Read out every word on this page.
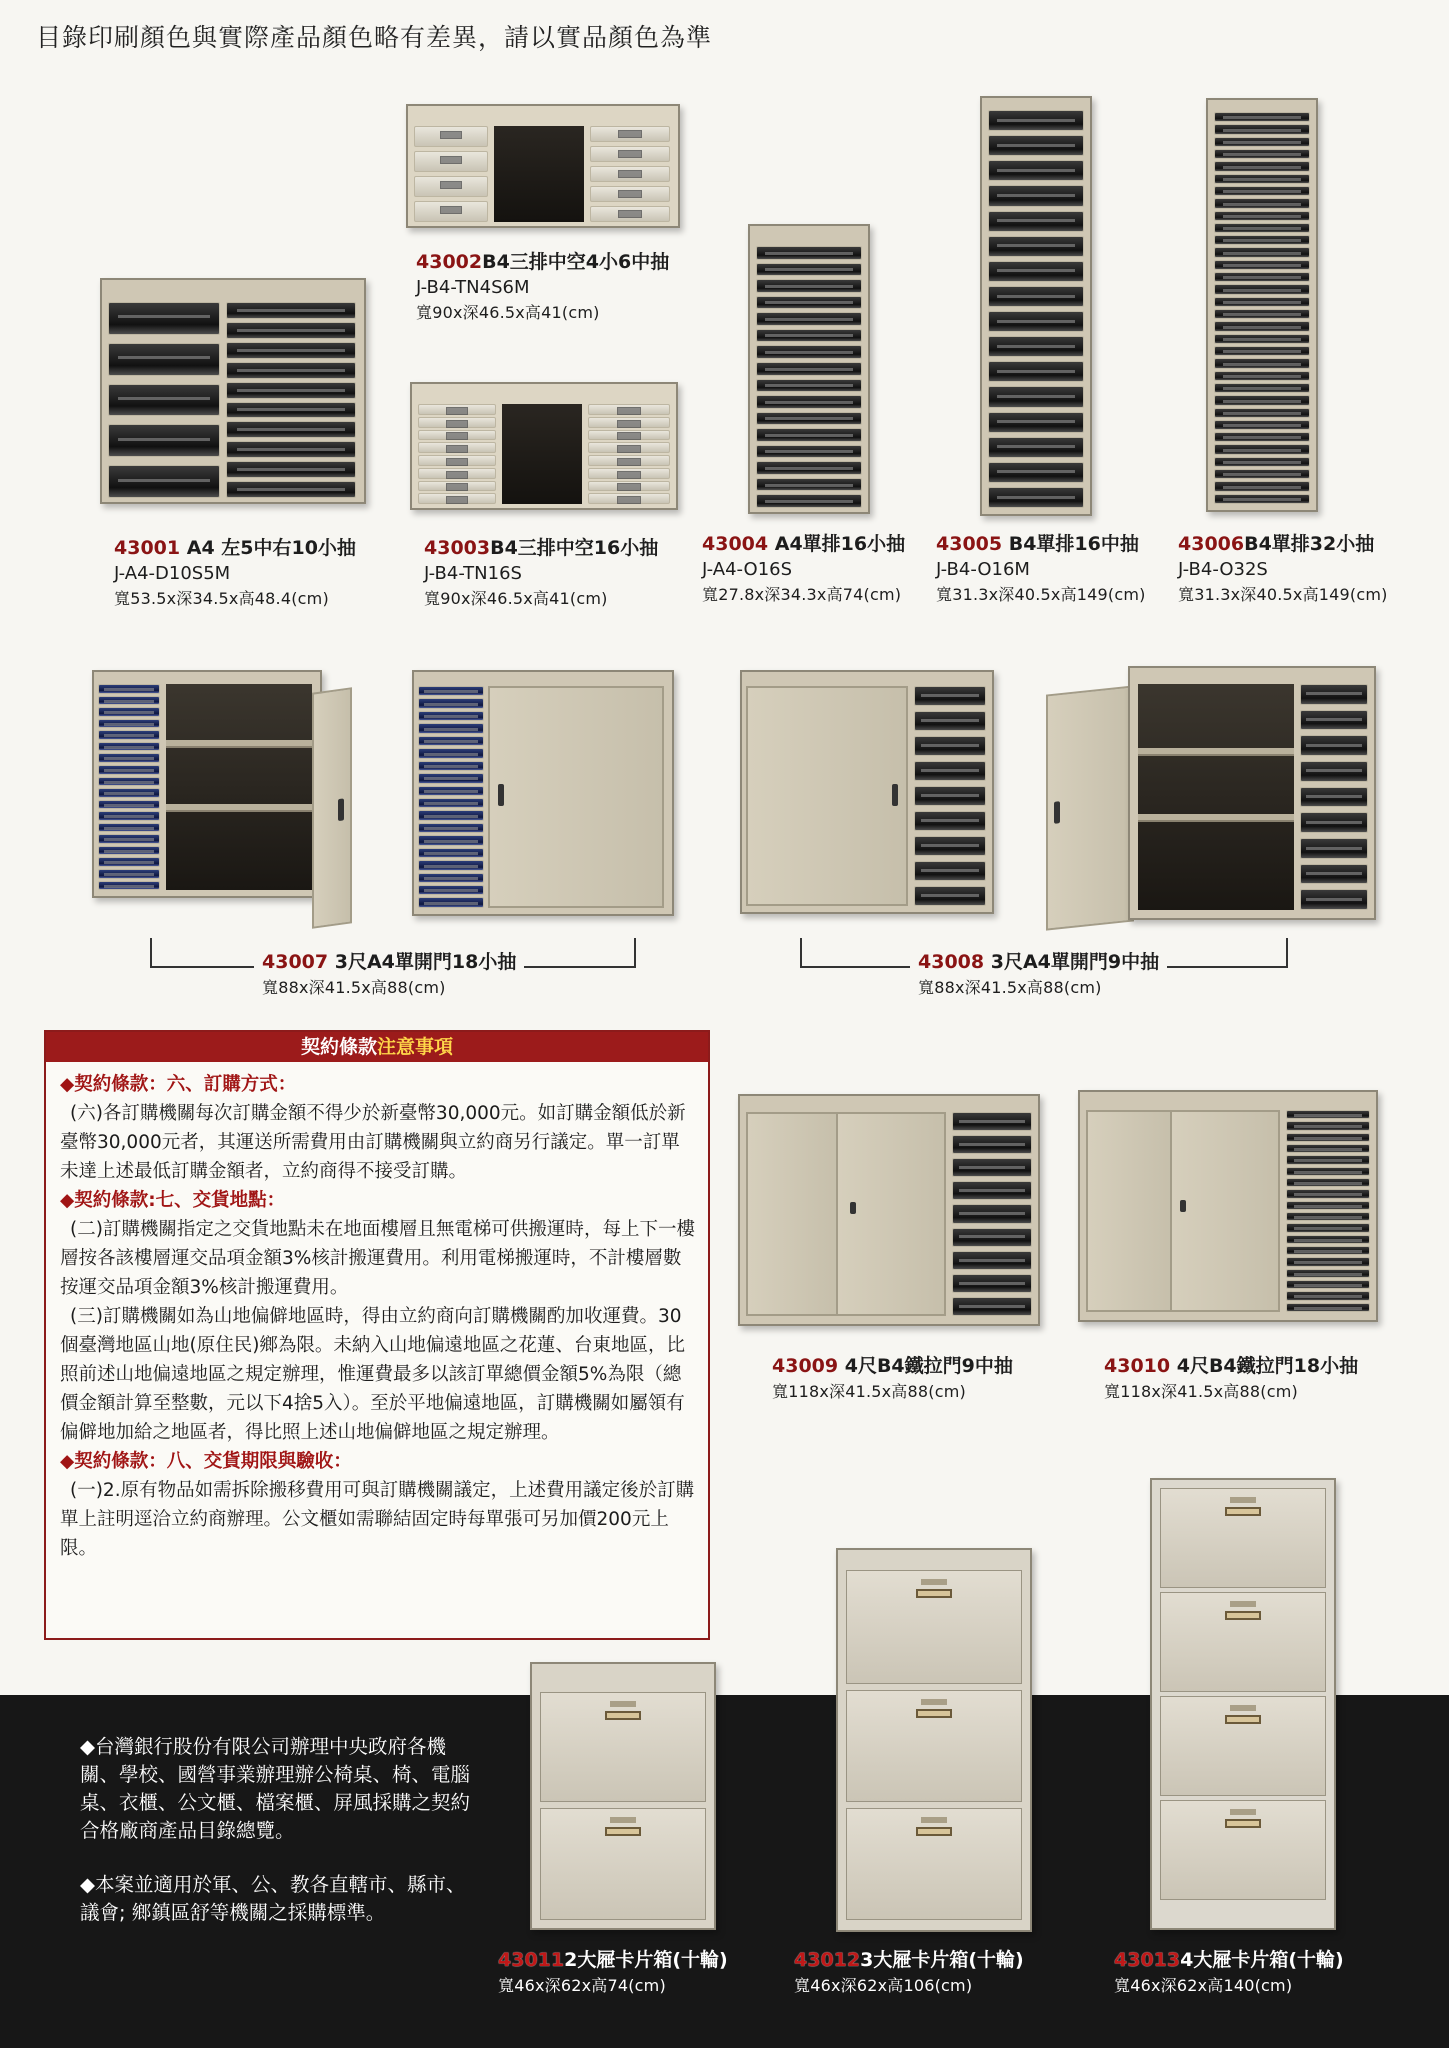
目錄印刷顏色與實際產品顏色略有差異，請以實品顏色為準
43002B4三排中空4小6中抽
J-B4-TN4S6M
寬90x深46.5x高41(cm)
43001 A4 左5中右10小抽
J-A4-D10S5M
寬53.5x深34.5x高48.4(cm)
43003B4三排中空16小抽
J-B4-TN16S
寬90x深46.5x高41(cm)
43004 A4單排16小抽
J-A4-O16S
寬27.8x深34.3x高74(cm)
43005 B4單排16中抽
J-B4-O16M
寬31.3x深40.5x高149(cm)
43006B4單排32小抽
J-B4-O32S
寬31.3x深40.5x高149(cm)
43007 3尺A4單開門18小抽
寬88x深41.5x高88(cm)
43008 3尺A4單開門9中抽
寬88x深41.5x高88(cm)
契約條款注意事項
◆契約條款：六、訂購方式：
(六)各訂購機關每次訂購金額不得少於新臺幣30,000元。如訂購金額低於新臺幣30,000元者，其運送所需費用由訂購機關與立約商另行議定。單一訂單未達上述最低訂購金額者，立約商得不接受訂購。
◆契約條款:七、交貨地點：
(二)訂購機關指定之交貨地點未在地面樓層且無電梯可供搬運時，每上下一樓層按各該樓層運交品項金額3%核計搬運費用。利用電梯搬運時，不計樓層數按運交品項金額3%核計搬運費用。
(三)訂購機關如為山地偏僻地區時，得由立約商向訂購機關酌加收運費。30個臺灣地區山地(原住民)鄉為限。未納入山地偏遠地區之花蓮、台東地區，比照前述山地偏遠地區之規定辦理，惟運費最多以該訂單總價金額5%為限（總價金額計算至整數，元以下4捨5入）。至於平地偏遠地區，訂購機關如屬領有偏僻地加給之地區者，得比照上述山地偏僻地區之規定辦理。
◆契約條款：八、交貨期限與驗收：
(一)2.原有物品如需拆除搬移費用可與訂購機關議定，上述費用議定後於訂購單上註明逕洽立約商辦理。公文櫃如需聯結固定時每單張可另加價200元上限。
43009 4尺B4鐵拉門9中抽
寬118x深41.5x高88(cm)
43010 4尺B4鐵拉門18小抽
寬118x深41.5x高88(cm)

◆台灣銀行股份有限公司辦理中央政府各機關、學校、國營事業辦理辦公椅桌、椅、電腦桌、衣櫃、公文櫃、檔案櫃、屏風採購之契約合格廠商產品目錄總覽。

◆本案並適用於軍、公、教各直轄市、縣市、議會; 鄉鎮區舒等機關之採購標準。

430112大屜卡片箱(十輪)
寬46x深62x高74(cm)
430123大屜卡片箱(十輪)
寬46x深62x高106(cm)
430134大屜卡片箱(十輪)
寬46x深62x高140(cm)
